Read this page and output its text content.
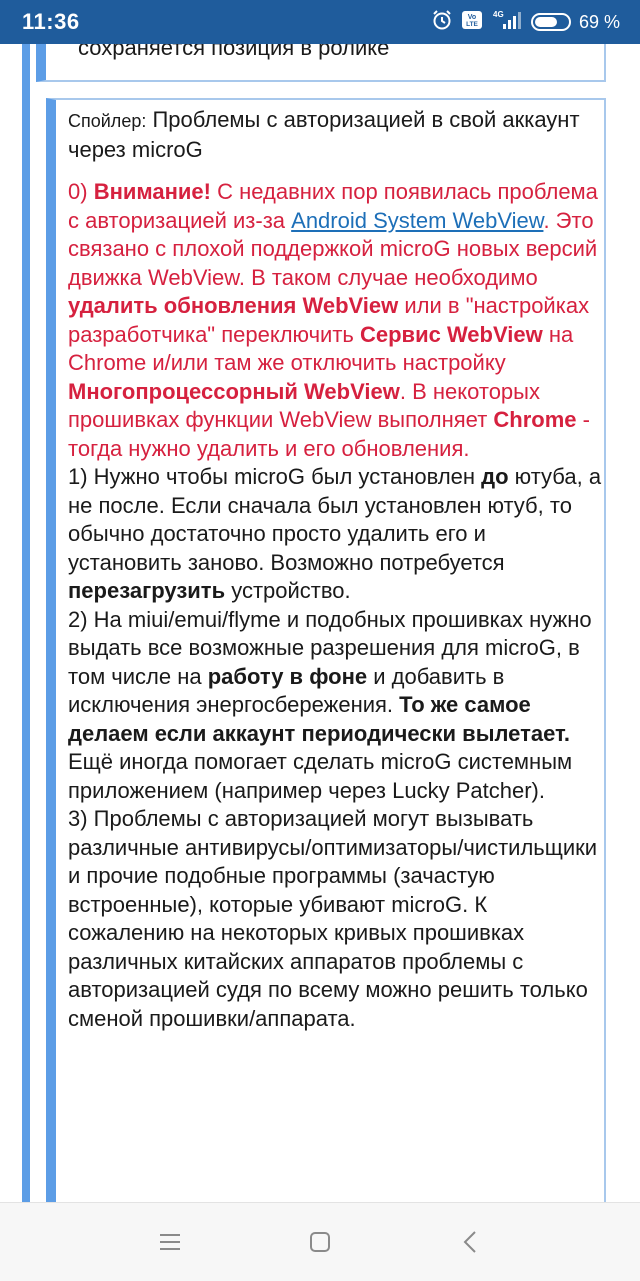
11:36	Vo
LTE
4G	69 %
сохраняется позиция в ролике

Спойлер: Проблемы с авторизацией в свой аккаунт через microG

0) Внимание! С недавних пор появилась проблема с авторизацией из-за Android System WebView. Это связано с плохой поддержкой microG новых версий движка WebView. В таком случае необходимо удалить обновления WebView или в "настройках разработчика" переключить Сервис WebView на Chrome и/или там же отключить настройку Многопроцессорный WebView. В некоторых прошивках функции WebView выполняет Chrome - тогда нужно удалить и его обновления.

1) Нужно чтобы microG был установлен до ютуба, а не после. Если сначала был установлен ютуб, то обычно достаточно просто удалить его и установить заново. Возможно потребуется перезагрузить устройство.

2) На miui/emui/flyme и подобных прошивках нужно выдать все возможные разрешения для microG, в том числе на работу в фоне и добавить в исключения энергосбережения. То же самое делаем если аккаунт периодически вылетает. Ещё иногда помогает сделать microG системным приложением (например через Lucky Patcher).

3) Проблемы с авторизацией могут вызывать различные антивирусы/оптимизаторы/чистильщики и прочие подобные программы (зачастую встроенные), которые убивают microG. К сожалению на некоторых кривых прошивках различных китайских аппаратов проблемы с авторизацией судя по всему можно решить только сменой прошивки/аппарата.
